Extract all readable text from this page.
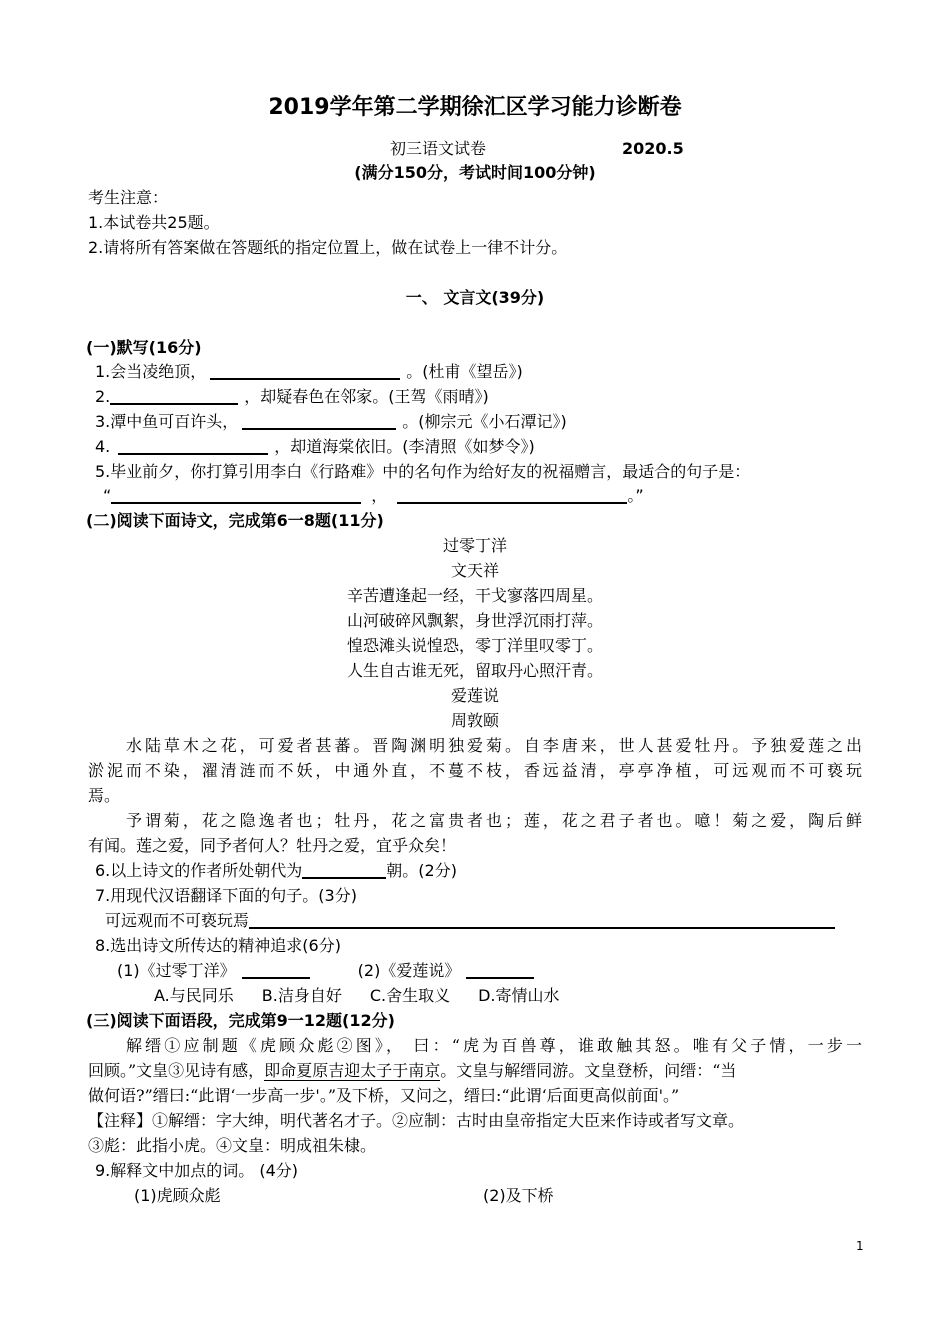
2019学年第二学期徐汇区学习能力诊断卷
初三语文试卷	2020.5
(满分150分，考试时间100分钟)
考生注意：
1.本试卷共25题。
2.请将所有答案做在答题纸的指定位置上，做在试卷上一律不计分。
一、 文言文(39分)
(一)默写(16分)
1.会当凌绝顶，	。(杜甫《望岳》)
2.	，却疑春色在邻家。(王驾《雨晴》)
3.潭中鱼可百许头，	。(柳宗元《小石潭记》)
4.	，却道海棠依旧。(李清照《如梦令》)
5.毕业前夕，你打算引用李白《行路难》中的名句作为给好友的祝福赠言，最适合的句子是：
“	，	。”
(二)阅读下面诗文，完成第6一8题(11分)
过零丁洋
文天祥
辛苦遭逢起一经，干戈寥落四周星。
山河破碎风飘絮，身世浮沉雨打萍。
惶恐滩头说惶恐，零丁洋里叹零丁。
人生自古谁无死，留取丹心照汗青。
爱莲说
周敦颐
水陆草木之花，可爱者甚蕃。晋陶渊明独爱菊。自李唐来，世人甚爱牡丹。予独爱莲之出
淤泥而不染，濯清涟而不妖，中通外直，不蔓不枝，香远益清，亭亭净植，可远观而不可亵玩
焉。
予谓菊，花之隐逸者也；牡丹，花之富贵者也；莲，花之君子者也。噫！菊之爱，陶后鲜
有闻。莲之爱，同予者何人？牡丹之爱，宜乎众矣！
6.以上诗文的作者所处朝代为	朝。(2分)
7.用现代汉语翻译下面的句子。(3分)
可远观而不可亵玩焉
8.选出诗文所传达的精神追求(6分)
(1)《过零丁洋》	(2)《爱莲说》
A.与民同乐 B.洁身自好 C.舍生取义 D.寄情山水
(三)阅读下面语段，完成第9一12题(12分)
解缙①应制题《虎顾众彪②图》， 曰：“虎为百兽尊，谁敢触其怒。唯有父子情，一步一
回顾。”文皇③见诗有感，即命夏原吉迎太子于南京。文皇与解缙同游。文皇登桥，问缙：“当
做何语?”缙曰:“此谓‘一步高一步'。”及下桥，又问之，缙曰:“此谓‘后面更高似前面'。”
【注释】①解缙：字大绅，明代著名才子。②应制：古时由皇帝指定大臣来作诗或者写文章。
③彪：此指小虎。④文皇：明成祖朱棣。
9.解释文中加点的词。 (4分)
(1)虎顾众彪	(2)及下桥
1
